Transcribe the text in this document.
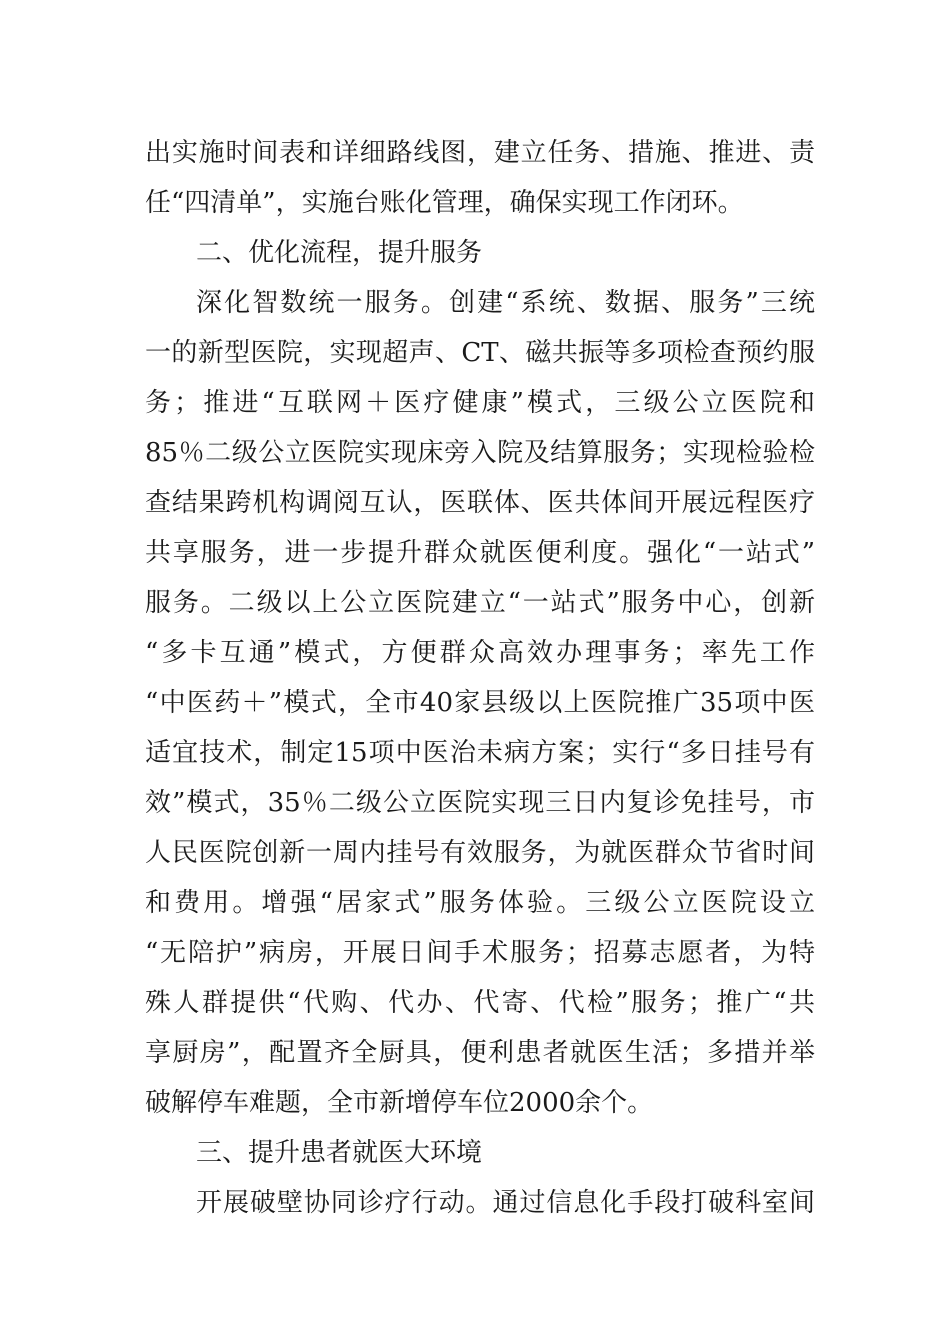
出实施时间表和详细路线图，建立任务、措施、推进、责
任“四清单”，实施台账化管理，确保实现工作闭环。
二、优化流程，提升服务
深化智数统一服务。创建“系统、数据、服务”三统
一的新型医院，实现超声、CT、磁共振等多项检查预约服
务；推进“互联网＋医疗健康”模式，三级公立医院和
85％二级公立医院实现床旁入院及结算服务；实现检验检
查结果跨机构调阅互认，医联体、医共体间开展远程医疗
共享服务，进一步提升群众就医便利度。强化“一站式”
服务。二级以上公立医院建立“一站式”服务中心，创新
“多卡互通”模式，方便群众高效办理事务；率先工作
“中医药＋”模式，全市40家县级以上医院推广35项中医
适宜技术，制定15项中医治未病方案；实行“多日挂号有
效”模式，35％二级公立医院实现三日内复诊免挂号，市
人民医院创新一周内挂号有效服务，为就医群众节省时间
和费用。增强“居家式”服务体验。三级公立医院设立
“无陪护”病房，开展日间手术服务；招募志愿者，为特
殊人群提供“代购、代办、代寄、代检”服务；推广“共
享厨房”，配置齐全厨具，便利患者就医生活；多措并举
破解停车难题，全市新增停车位2000余个。
三、提升患者就医大环境
开展破壁协同诊疗行动。通过信息化手段打破科室间
